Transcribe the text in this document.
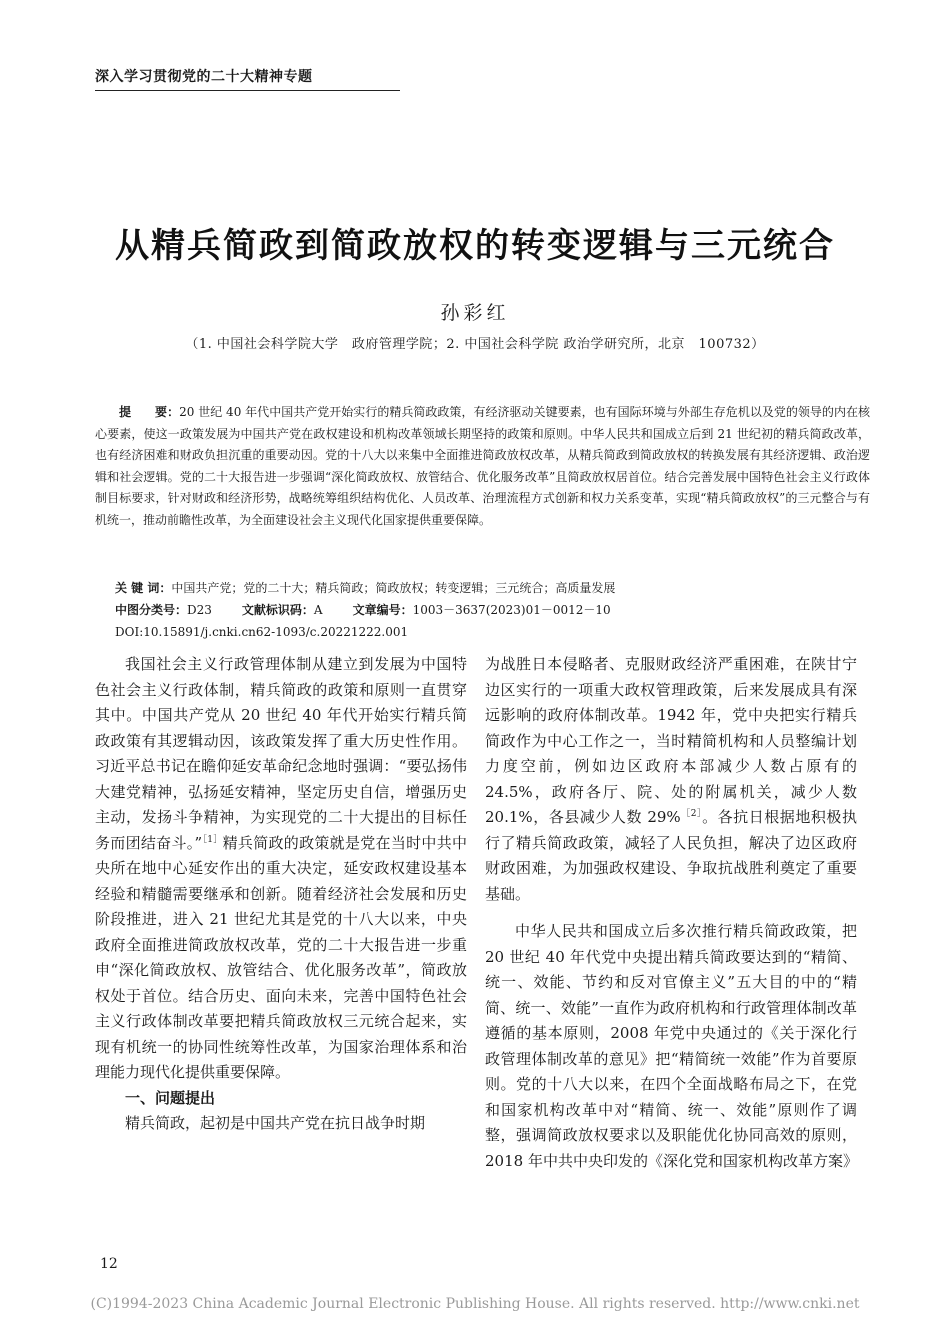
深入学习贯彻党的二十大精神专题
从精兵简政到简政放权的转变逻辑与三元统合
孙彩红
（1. 中国社会科学院大学　政府管理学院；2. 中国社会科学院 政治学研究所，北京　100732）

提　　要：20 世纪 40 年代中国共产党开始实行的精兵简政政策，有经济驱动关键要素，也有国际环境与外部生存危机以及党的领导的内在核心要素，使这一政策发展为中国共产党在政权建设和机构改革领域长期坚持的政策和原则。中华人民共和国成立后到 21 世纪初的精兵简政改革，也有经济困难和财政负担沉重的重要动因。党的十八大以来集中全面推进简政放权改革，从精兵简政到简政放权的转换发展有其经济逻辑、政治逻辑和社会逻辑。党的二十大报告进一步强调“深化简政放权、放管结合、优化服务改革”且简政放权居首位。结合完善发展中国特色社会主义行政体制目标要求，针对财政和经济形势，战略统筹组织结构优化、人员改革、治理流程方式创新和权力关系变革，实现“精兵简政放权”的三元整合与有机统一，推动前瞻性改革，为全面建设社会主义现代化国家提供重要保障。

关 键 词：中国共产党；党的二十大；精兵简政；简政放权；转变逻辑；三元统合；高质量发展
中图分类号：D23	文献标识码：A	文章编号：1003－3637(2023)01－0012－10
DOI:10.15891/j.cnki.cn62-1093/c.20221222.001

我国社会主义行政管理体制从建立到发展为中国特色社会主义行政体制，精兵简政的政策和原则一直贯穿其中。中国共产党从 20 世纪 40 年代开始实行精兵简政政策有其逻辑动因，该政策发挥了重大历史性作用。习近平总书记在瞻仰延安革命纪念地时强调：“要弘扬伟大建党精神，弘扬延安精神，坚定历史自信，增强历史主动，发扬斗争精神，为实现党的二十大提出的目标任务而团结奋斗。”$^{[1]}$精兵简政的政策就是党在当时中共中央所在地中心延安作出的重大决定，延安政权建设基本经验和精髓需要继承和创新。随着经济社会发展和历史阶段推进，进入 21 世纪尤其是党的十八大以来，中央政府全面推进简政放权改革，党的二十大报告进一步重申“深化简政放权、放管结合、优化服务改革”，简政放权处于首位。结合历史、面向未来，完善中国特色社会主义行政体制改革要把精兵简政放权三元统合起来，实现有机统一的协同性统筹性改革，为国家治理体系和治理能力现代化提供重要保障。

一、问题提出

精兵简政，起初是中国共产党在抗日战争时期

为战胜日本侵略者、克服财政经济严重困难，在陕甘宁边区实行的一项重大政权管理政策，后来发展成具有深远影响的政府体制改革。1942 年，党中央把实行精兵简政作为中心工作之一，当时精简机构和人员整编计划力度空前，例如边区政府本部减少人数占原有的 24.5%，政府各厅、院、处的附属机关，减少人数 20.1%，各县减少人数 29%$^{[2]}$。各抗日根据地积极执行了精兵简政政策，减轻了人民负担，解决了边区政府财政困难，为加强政权建设、争取抗战胜利奠定了重要基础。

中华人民共和国成立后多次推行精兵简政政策，把 20 世纪 40 年代党中央提出精兵简政要达到的“精简、统一、效能、节约和反对官僚主义”五大目的中的“精简、统一、效能”一直作为政府机构和行政管理体制改革遵循的基本原则，2008 年党中央通过的《关于深化行政管理体制改革的意见》把“精简统一效能”作为首要原则。党的十八大以来，在四个全面战略布局之下，在党和国家机构改革中对“精简、统一、效能”原则作了调整，强调简政放权要求以及职能优化协同高效的原则，2018 年中共中央印发的《深化党和国家机构改革方案》

12
(C)1994-2023 China Academic Journal Electronic Publishing House. All rights reserved. http://www.cnki.net
